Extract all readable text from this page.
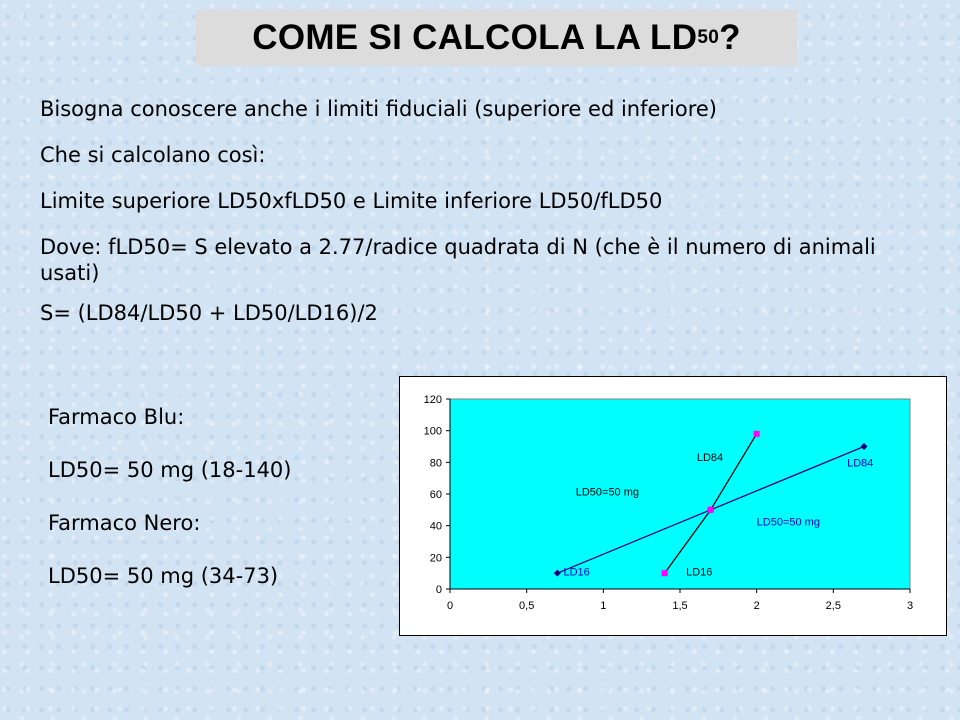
COME SI CALCOLA LA LD 50 ?

Bisogna conoscere anche i limiti fiduciali (superiore ed inferiore)

Che si calcolano così:

Limite superiore LD50xfLD50 e Limite inferiore LD50/fLD50

Dove: fLD50= S elevato a 2.77/radice quadrata di N (che è il numero di animali usati)

S= (LD84/LD50 + LD50/LD16)/2

Farmaco Blu:

LD50= 50 mg (18-140)

Farmaco Nero:

LD50= 50 mg (34-73)

0
20
40
60
80
100
120
0	0,5	1	1,5	2	2,5	3
LD16	LD16
LD84	LD84
LD50=50 mg
LD50=50 mg
